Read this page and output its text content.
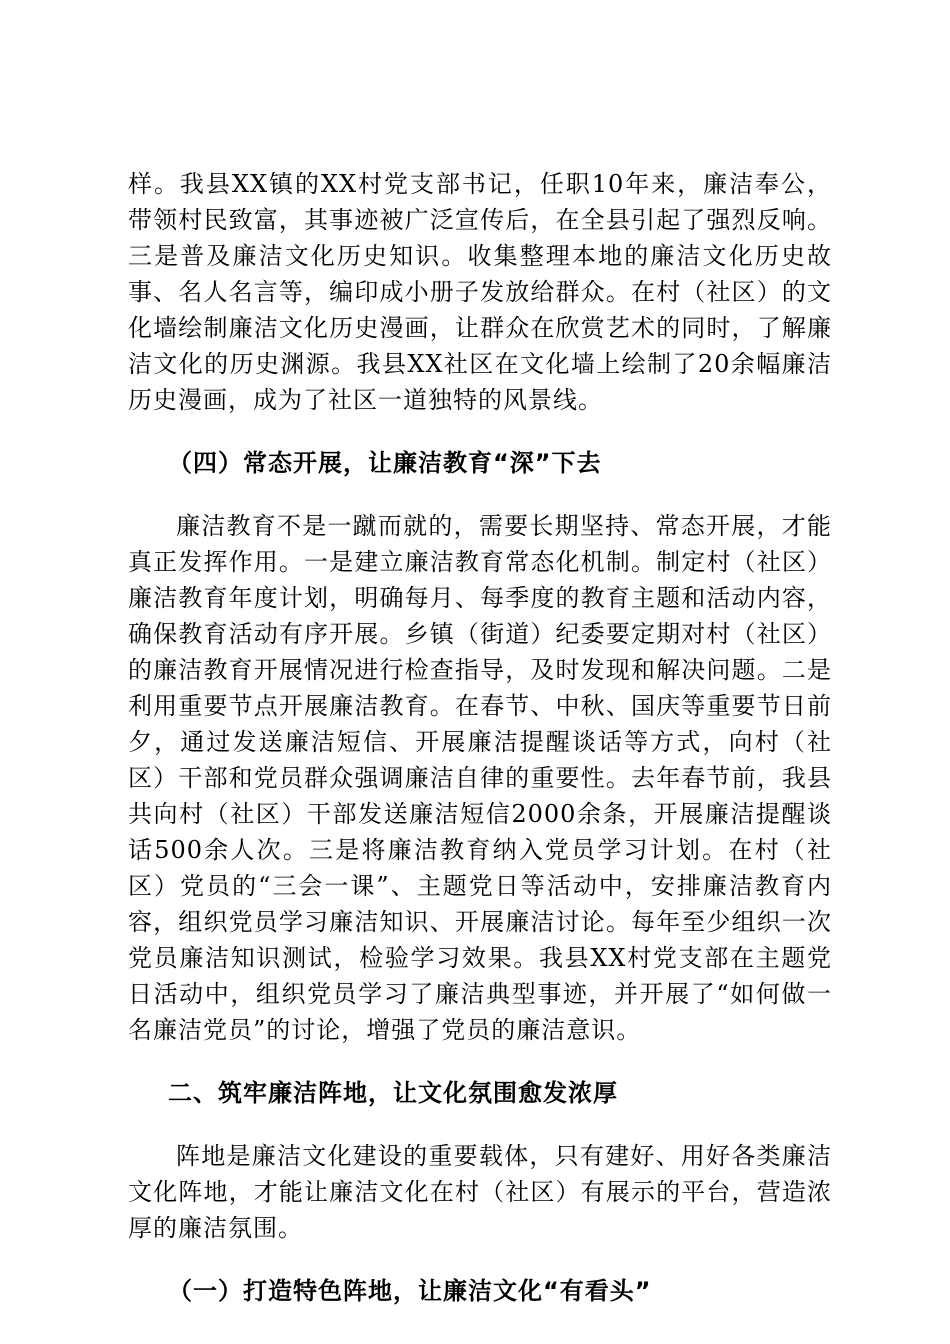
样。我县XX镇的XX村党支部书记，任职10年来，廉洁奉公，带领村民致富，其事迹被广泛宣传后，在全县引起了强烈反响。三是普及廉洁文化历史知识。收集整理本地的廉洁文化历史故事、名人名言等，编印成小册子发放给群众。在村（社区）的文化墙绘制廉洁文化历史漫画，让群众在欣赏艺术的同时，了解廉洁文化的历史渊源。我县XX社区在文化墙上绘制了20余幅廉洁历史漫画，成为了社区一道独特的风景线。

（四）常态开展，让廉洁教育“深”下去

廉洁教育不是一蹴而就的，需要长期坚持、常态开展，才能真正发挥作用。一是建立廉洁教育常态化机制。制定村（社区）廉洁教育年度计划，明确每月、每季度的教育主题和活动内容，确保教育活动有序开展。乡镇（街道）纪委要定期对村（社区）的廉洁教育开展情况进行检查指导，及时发现和解决问题。二是利用重要节点开展廉洁教育。在春节、中秋、国庆等重要节日前夕，通过发送廉洁短信、开展廉洁提醒谈话等方式，向村（社区）干部和党员群众强调廉洁自律的重要性。去年春节前，我县共向村（社区）干部发送廉洁短信2000余条，开展廉洁提醒谈话500余人次。三是将廉洁教育纳入党员学习计划。在村（社区）党员的“三会一课”、主题党日等活动中，安排廉洁教育内容，组织党员学习廉洁知识、开展廉洁讨论。每年至少组织一次党员廉洁知识测试，检验学习效果。我县XX村党支部在主题党日活动中，组织党员学习了廉洁典型事迹，并开展了“如何做一名廉洁党员”的讨论，增强了党员的廉洁意识。

二、筑牢廉洁阵地，让文化氛围愈发浓厚

阵地是廉洁文化建设的重要载体，只有建好、用好各类廉洁文化阵地，才能让廉洁文化在村（社区）有展示的平台，营造浓厚的廉洁氛围。

（一）打造特色阵地，让廉洁文化“有看头”
